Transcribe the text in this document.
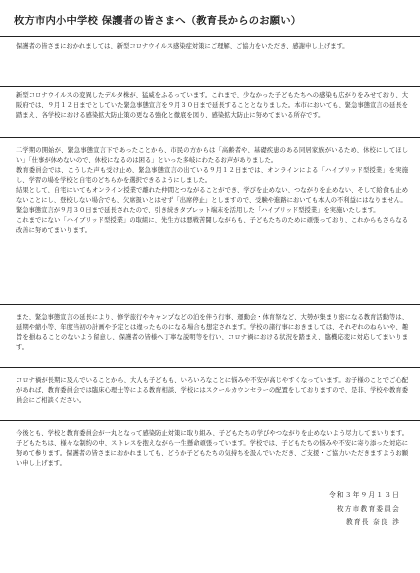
枚方市内小中学校 保護者の皆さまへ（教育長からのお願い）

保護者の皆さまにおかれましては、新型コロナウイルス感染症対策にご理解、ご協力をいただき、感謝申し上げます。

新型コロナウイルスの変異したデルタ株が、猛威をふるっています。これまで、少なかった子どもたちへの感染も広がりをみせており、大阪府では、９月１２日までとしていた緊急事態宣言を９月３０日まで延長することとなりました。本市においても、緊急事態宣言の延長を踏まえ、各学校における感染拡大防止策の更なる強化と徹底を図り、感染拡大防止に努めてまいる所存です。

二学期の開始が、緊急事態宣言下であったことから、市民の方からは「高齢者や、基礎疾患のある同居家族がいるため、休校にしてほしい」「仕事が休めないので、休校になるのは困る」といった多岐にわたるお声がありました。

教育委員会では、こうした声も受け止め、緊急事態宣言の出ている９月１２日までは、オンラインによる「ハイブリッド型授業」を実施し、学習の場を学校と自宅のどちらかを選択できるようにしました。

結果として、自宅にいてもオンライン授業で離れた仲間とつながることができ、学びを止めない、つながりを止めない、そして給食も止めないことにし、登校しない場合でも、欠席扱いとはせず「出席停止」としますので、受験や進路においても本人の不利益にはなりません。

緊急事態宣言が９月３０日まで延長されたので、引き続きタブレット端末を活用した「ハイブリッド型授業」を実施いたします。

これまでにない「ハイブリッド型授業」の取組に、先生方は悪戦苦闘しながらも、子どもたちのために頑張っており、これからもさらなる改善に努めてまいります。

また、緊急事態宣言の延長により、修学旅行やキャンプなどの泊を伴う行事、運動会・体育祭など、大勢が集まり密になる教育活動等は、延期や縮小等、年度当初の計画や予定とは違ったものになる場合も想定されます。学校の諸行事におきましては、それぞれのねらいや、趣旨を損ねることのないよう留意し、保護者の皆様へ丁寧な説明等を行い、コロナ禍における状況を踏まえ、臨機応変に対応してまいります。

コロナ禍が長期に及んでいることから、大人も子どもも、いろいろなことに悩みや不安が高じやすくなっています。お子様のことでご心配があれば、教育委員会では臨床心理士等による教育相談、学校にはスクールカウンセラーの配置をしておりますので、是非、学校や教育委員会にご相談ください。

今後とも、学校と教育委員会が一丸となって感染防止対策に取り組み、子どもたちの学びやつながりを止めないよう尽力してまいります。子どもたちは、様々な制約の中、ストレスを抱えながら一生懸命頑張っています。学校では、子どもたちの悩みや不安に寄り添った対応に努めて参ります。保護者の皆さまにおかれましても、どうか子どもたちの気持ちを汲んでいただき、ご支援・ご協力いただきますようお願い申し上げます。

令和３年９月１３日
枚方市教育委員会
教育長 奈良 渉
